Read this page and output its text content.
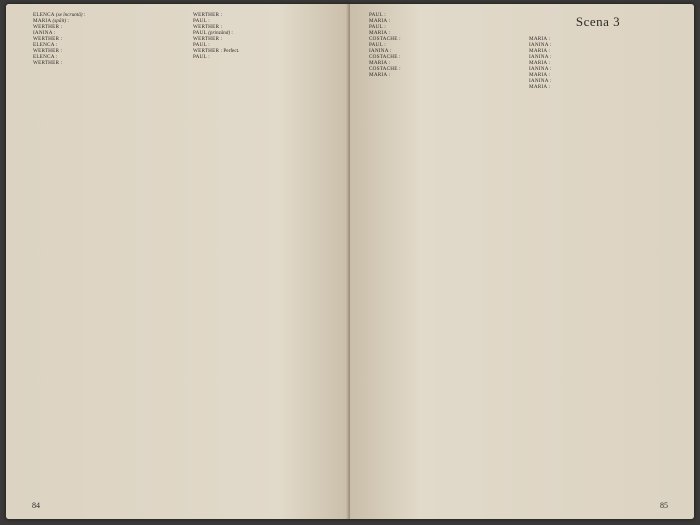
ELENCA (se încruntă) :

MARIA (spăit) :

WERTHER :

IANINA :

WERTHER :

ELENCA :

WERTHER :

ELENCA :

WERTHER :

WERTHER :

PAUL :

WERTHER :

PAUL (prinzând) :

WERTHER :

PAUL :

WERTHER : Perfect.

PAUL :

84

PAUL :

MARIA :

PAUL :

MARIA :

COSTACHE :

PAUL :

IANINA :

COSTACHE :

MARIA :

COSTACHE :

MARIA :

Scena 3

MARIA :

IANINA :

MARIA :

IANINA :

MARIA :

IANINA :

MARIA :

IANINA :

MARIA :

85
